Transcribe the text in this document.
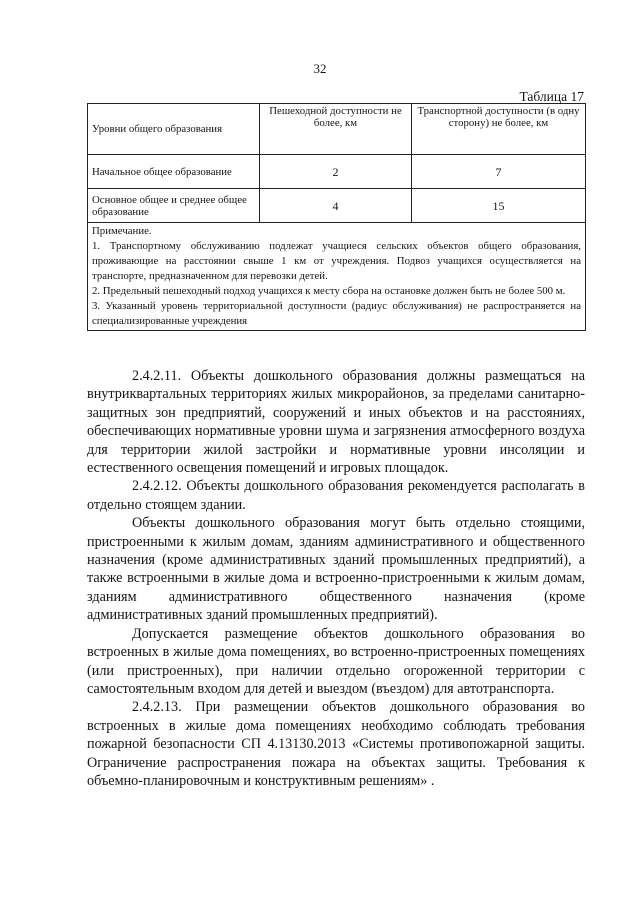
32
Таблица 17
Уровни общего образования	Пешеходной доступности не более, км	Транспортной доступности (в одну сторону) не более, км
Начальное общее образование	2	7
Основное общее и среднее общее образование	4	15

Примечание.
1. Транспортному обслуживанию подлежат учащиеся сельских объектов общего образования, проживающие на расстоянии свыше 1 км от учреждения. Подвоз учащихся осуществляется на транспорте, предназначенном для перевозки детей.
2. Предельный пешеходный подход учащихся к месту сбора на остановке должен быть не более 500 м.
3. Указанный уровень территориальной доступности (радиус обслуживания) не распространяется на специализированные учреждения		

2.4.2.11. Объекты дошкольного образования должны размещаться на внутриквартальных территориях жилых микрорайонов, за пределами санитарно-защитных зон предприятий, сооружений и иных объектов и на расстояниях, обеспечивающих нормативные уровни шума и загрязнения атмосферного воздуха для территории жилой застройки и нормативные уровни инсоляции и естественного освещения помещений и игровых площадок.

2.4.2.12. Объекты дошкольного образования рекомендуется располагать в отдельно стоящем здании.

Объекты дошкольного образования могут быть отдельно стоящими, пристроенными к жилым домам, зданиям административного и общественного назначения (кроме административных зданий промышленных предприятий), а также встроенными в жилые дома и встроенно-пристроенными к жилым домам, зданиям административного общественного назначения (кроме административных зданий промышленных предприятий).

Допускается размещение объектов дошкольного образования во встроенных в жилые дома помещениях, во встроенно-пристроенных помещениях (или пристроенных), при наличии отдельно огороженной территории с самостоятельным входом для детей и выездом (въездом) для автотранспорта.

2.4.2.13. При размещении объектов дошкольного образования во встроенных в жилые дома помещениях необходимо соблюдать требования пожарной безопасности СП 4.13130.2013 «Системы противопожарной защиты. Ограничение распространения пожара на объектах защиты. Требования к объемно-планировочным и конструктивным решениям» .
